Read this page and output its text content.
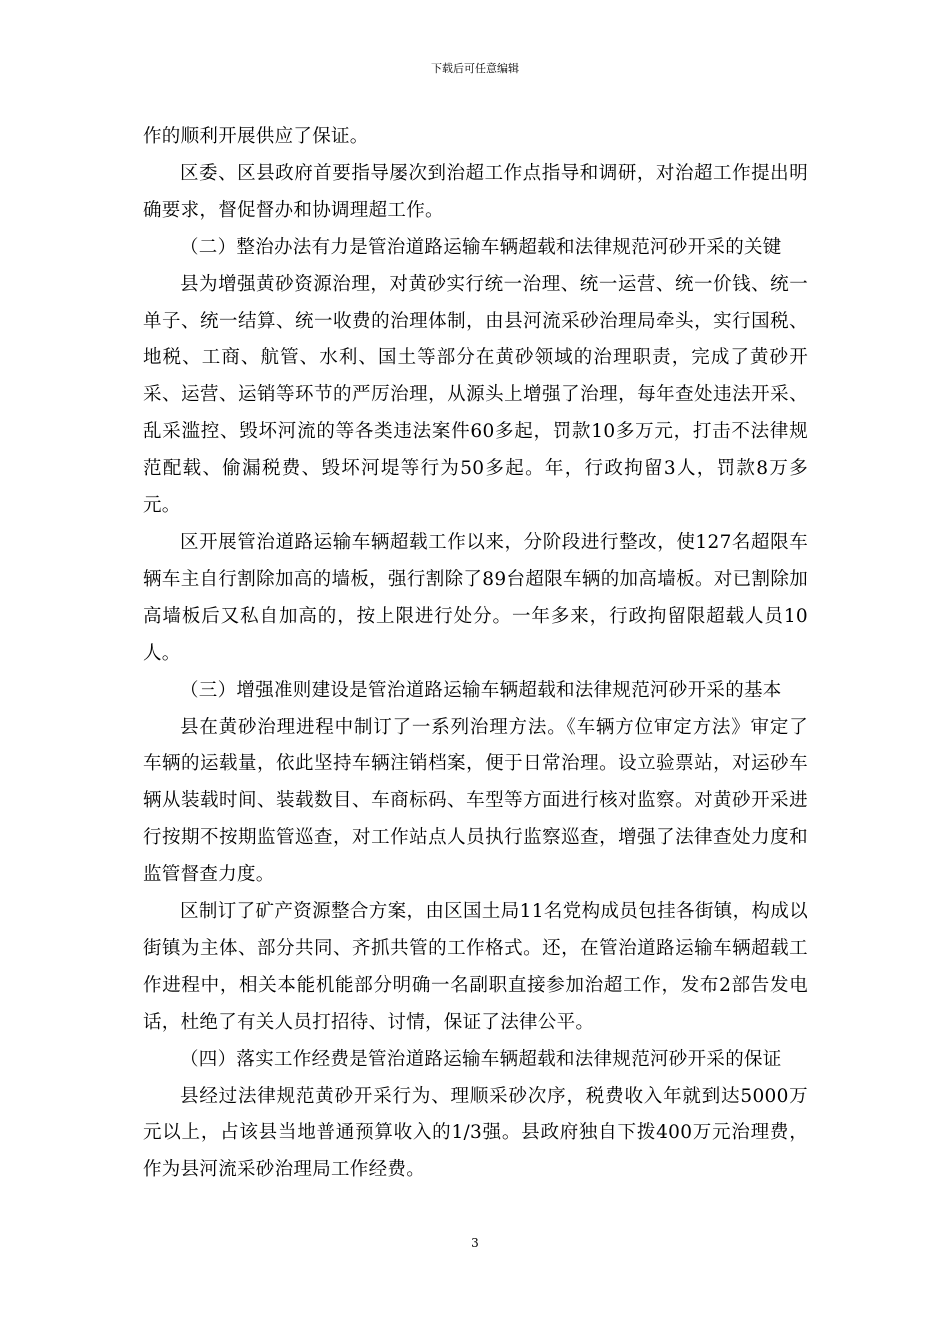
下载后可任意编辑

作的顺利开展供应了保证。

区委、区县政府首要指导屡次到治超工作点指导和调研，对治超工作提出明确要求，督促督办和协调理超工作。

（二）整治办法有力是管治道路运输车辆超载和法律规范河砂开采的关键

县为增强黄砂资源治理，对黄砂实行统一治理、统一运营、统一价钱、统一单子、统一结算、统一收费的治理体制，由县河流采砂治理局牵头，实行国税、地税、工商、航管、水利、国土等部分在黄砂领域的治理职责，完成了黄砂开采、运营、运销等环节的严厉治理，从源头上增强了治理，每年查处违法开采、乱采滥控、毁坏河流的等各类违法案件60多起，罚款10多万元，打击不法律规范配载、偷漏税费、毁坏河堤等行为50多起。年，行政拘留3人，罚款8万多元。

区开展管治道路运输车辆超载工作以来，分阶段进行整改，使127名超限车辆车主自行割除加高的墙板，强行割除了89台超限车辆的加高墙板。对已割除加高墙板后又私自加高的，按上限进行处分。一年多来，行政拘留限超载人员10人。

（三）增强准则建设是管治道路运输车辆超载和法律规范河砂开采的基本

县在黄砂治理进程中制订了一系列治理方法。《车辆方位审定方法》审定了车辆的运载量，依此坚持车辆注销档案，便于日常治理。设立验票站，对运砂车辆从装载时间、装载数目、车商标码、车型等方面进行核对监察。对黄砂开采进行按期不按期监管巡查，对工作站点人员执行监察巡查，增强了法律查处力度和监管督查力度。

区制订了矿产资源整合方案，由区国土局11名党构成员包挂各街镇，构成以街镇为主体、部分共同、齐抓共管的工作格式。还，在管治道路运输车辆超载工作进程中，相关本能机能部分明确一名副职直接参加治超工作，发布2部告发电话，杜绝了有关人员打招待、讨情，保证了法律公平。

（四）落实工作经费是管治道路运输车辆超载和法律规范河砂开采的保证

县经过法律规范黄砂开采行为、理顺采砂次序，税费收入年就到达5000万元以上，占该县当地普通预算收入的1/3强。县政府独自下拨400万元治理费，作为县河流采砂治理局工作经费。

3
